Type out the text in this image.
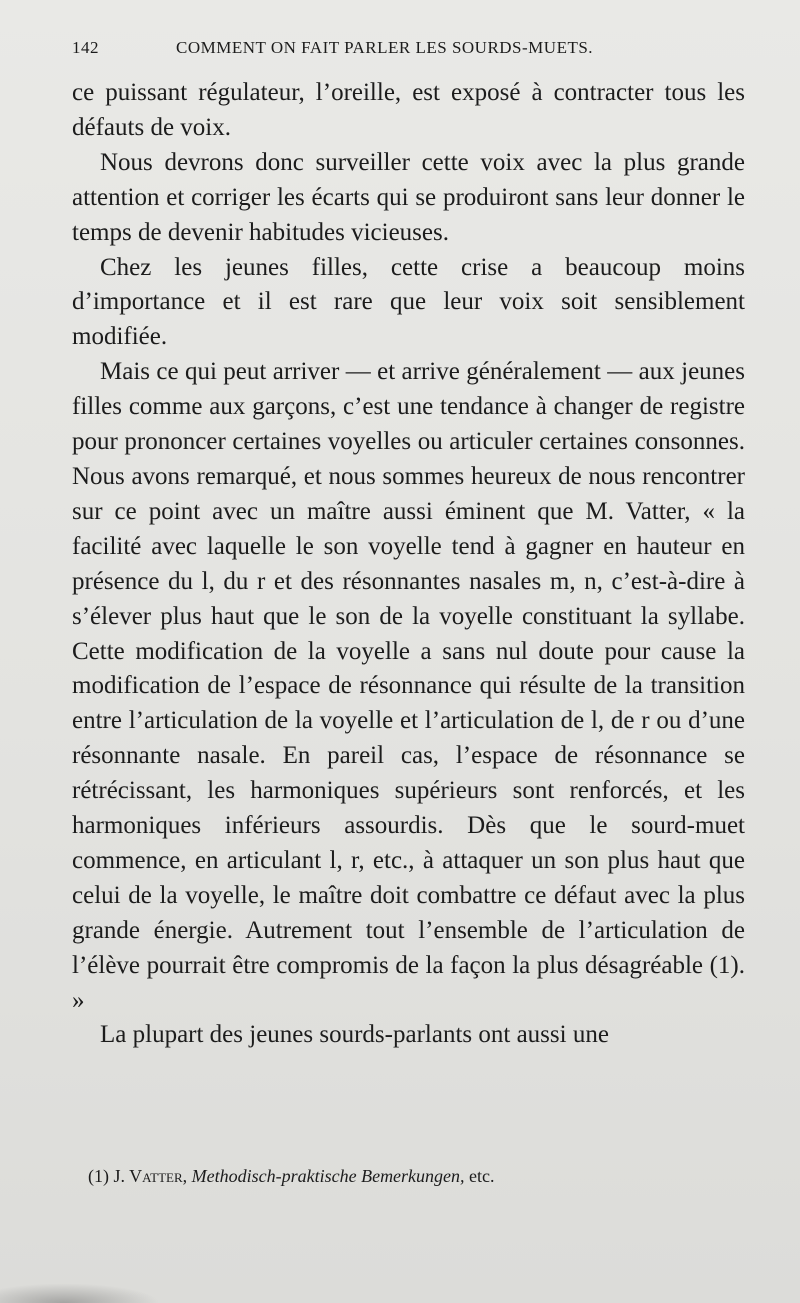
142	COMMENT ON FAIT PARLER LES SOURDS-MUETS.

ce puissant régulateur, l’oreille, est exposé à contracter tous les défauts de voix.

Nous devrons donc surveiller cette voix avec la plus grande attention et corriger les écarts qui se produiront sans leur donner le temps de devenir habitudes vicieuses.

Chez les jeunes filles, cette crise a beaucoup moins d’importance et il est rare que leur voix soit sensiblement modifiée.

Mais ce qui peut arriver — et arrive généralement — aux jeunes filles comme aux garçons, c’est une tendance à changer de registre pour prononcer certaines voyelles ou articuler certaines consonnes. Nous avons remarqué, et nous sommes heureux de nous rencontrer sur ce point avec un maître aussi éminent que M. Vatter, « la facilité avec laquelle le son voyelle tend à gagner en hauteur en présence du l, du r et des résonnantes nasales m, n, c’est-à-dire à s’élever plus haut que le son de la voyelle constituant la syllabe. Cette modification de la voyelle a sans nul doute pour cause la modification de l’espace de résonnance qui résulte de la transition entre l’articulation de la voyelle et l’articulation de l, de r ou d’une résonnante nasale. En pareil cas, l’espace de résonnance se rétrécissant, les harmoniques supérieurs sont renforcés, et les harmoniques inférieurs assourdis. Dès que le sourd-muet commence, en articulant l, r, etc., à attaquer un son plus haut que celui de la voyelle, le maître doit combattre ce défaut avec la plus grande énergie. Autrement tout l’ensemble de l’articulation de l’élève pourrait être compromis de la façon la plus désagréable (1). »

La plupart des jeunes sourds-parlants ont aussi une

(1) J. Vatter, Methodisch-praktische Bemerkungen, etc.
